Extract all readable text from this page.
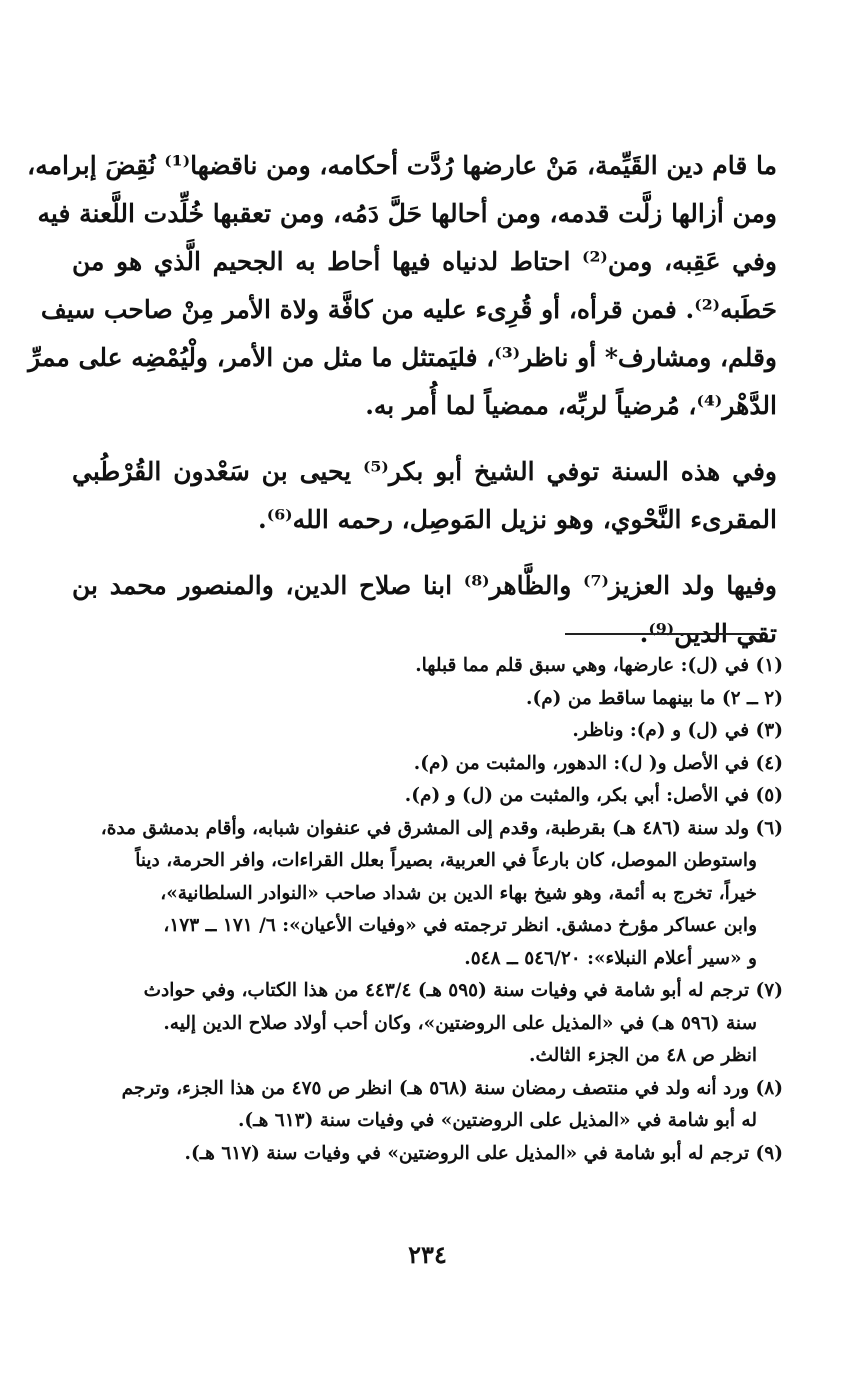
ما قام دين القَيِّمة، مَنْ عارضها رُدَّت أحكامه، ومن ناقضها⁽¹⁾ نُقِضَ إبرامه،
ومن أزالها زلَّت قدمه، ومن أحالها حَلَّ دَمُه، ومن تعقبها خُلِّدت اللَّعنة فيه
وفي عَقِبه، ومن⁽²⁾ احتاط لدنياه فيها أحاط به الجحيم الَّذي هو من
حَطَبه⁽²⁾. فمن قرأه، أو قُرِىء عليه من كافَّة ولاة الأمر مِنْ صاحب سيف
وقلم، ومشارف* أو ناظر⁽³⁾، فليَمتثل ما مثل من الأمر، ولْيُمْضِه على ممرِّ
الدَّهْر⁽⁴⁾، مُرضياً لربِّه، ممضياً لما أُمر به.
وفي هذه السنة توفي الشيخ أبو بكر⁽⁵⁾ يحيى بن سَعْدون القُرْطُبي
المقرىء النَّحْوي، وهو نزيل المَوصِل، رحمه الله⁽⁶⁾.
وفيها ولد العزيز⁽⁷⁾ والظَّاهر⁽⁸⁾ ابنا صلاح الدين، والمنصور محمد بن
تقي الدين⁽⁹⁾.
(١) في (ل): عارضها، وهي سبق قلم مما قبلها.
(٢ ــ ٢) ما بينهما ساقط من (م).
(٣) في (ل) و (م): وناظر.
(٤) في الأصل و( ل): الدهور، والمثبت من (م).
(٥) في الأصل: أبي بكر، والمثبت من (ل) و (م).
(٦) ولد سنة (٤٨٦ هـ) بقرطبة، وقدم إلى المشرق في عنفوان شبابه، وأقام بدمشق مدة،
واستوطن الموصل، كان بارعاً في العربية، بصيراً بعلل القراءات، وافر الحرمة، ديناً
خيراً، تخرج به أئمة، وهو شيخ بهاء الدين بن شداد صاحب «النوادر السلطانية»،
وابن عساكر مؤرخ دمشق. انظر ترجمته في «وفيات الأعيان»: ٦/ ١٧١ ــ ١٧٣،
و «سير أعلام النبلاء»: ٥٤٦/٢٠ ــ ٥٤٨.
(٧) ترجم له أبو شامة في وفيات سنة (٥٩٥ هـ) ٤٤٣/٤ من هذا الكتاب، وفي حوادث
سنة (٥٩٦ هـ) في «المذيل على الروضتين»، وكان أحب أولاد صلاح الدين إليه.
انظر ص ٤٨ من الجزء الثالث.
(٨) ورد أنه ولد في منتصف رمضان سنة (٥٦٨ هـ) انظر ص ٤٧٥ من هذا الجزء، وترجم
له أبو شامة في «المذيل على الروضتين» في وفيات سنة (٦١٣ هـ).
(٩) ترجم له أبو شامة في «المذيل على الروضتين» في وفيات سنة (٦١٧ هـ).
٢٣٤
